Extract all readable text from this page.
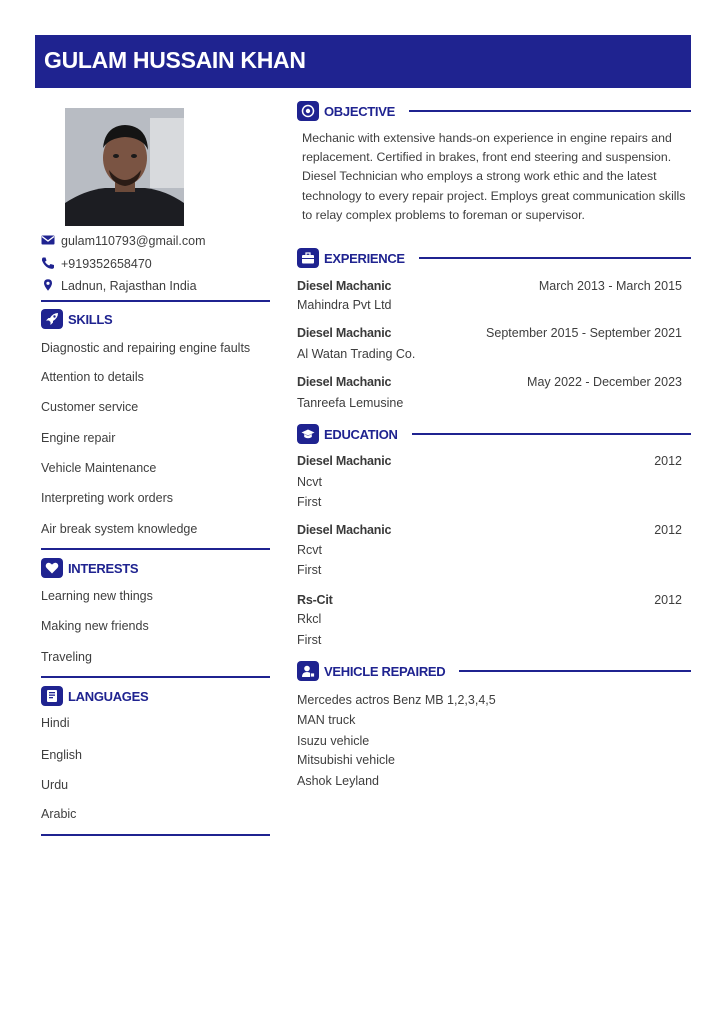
GULAM HUSSAIN KHAN
gulam110793@gmail.com
+919352658470
Ladnun, Rajasthan India
SKILLS
Diagnostic and repairing engine faults
Attention to details
Customer service
Engine repair
Vehicle Maintenance
Interpreting work orders
Air break system knowledge
INTERESTS
Learning new things
Making new friends
Traveling
LANGUAGES
Hindi
English
Urdu
Arabic
OBJECTIVE
Mechanic with extensive hands-on experience in engine repairs and replacement. Certified in brakes, front end steering and suspension. Diesel Technician who employs a strong work ethic and the latest technology to every repair project. Employs great communication skills to relay complex problems to foreman or supervisor.
EXPERIENCE
Diesel Machanic	March 2013 - March 2015
Mahindra Pvt Ltd
Diesel Machanic	September 2015 - September 2021
Al Watan Trading Co.
Diesel Machanic	May 2022 - December 2023
Tanreefa Lemusine
EDUCATION
Diesel Machanic	2012
Ncvt
First
Diesel Machanic	2012
Rcvt
First
Rs-Cit	2012
Rkcl
First
VEHICLE REPAIRED
Mercedes actros Benz MB 1,2,3,4,5
MAN truck
Isuzu vehicle
Mitsubishi vehicle
Ashok Leyland
